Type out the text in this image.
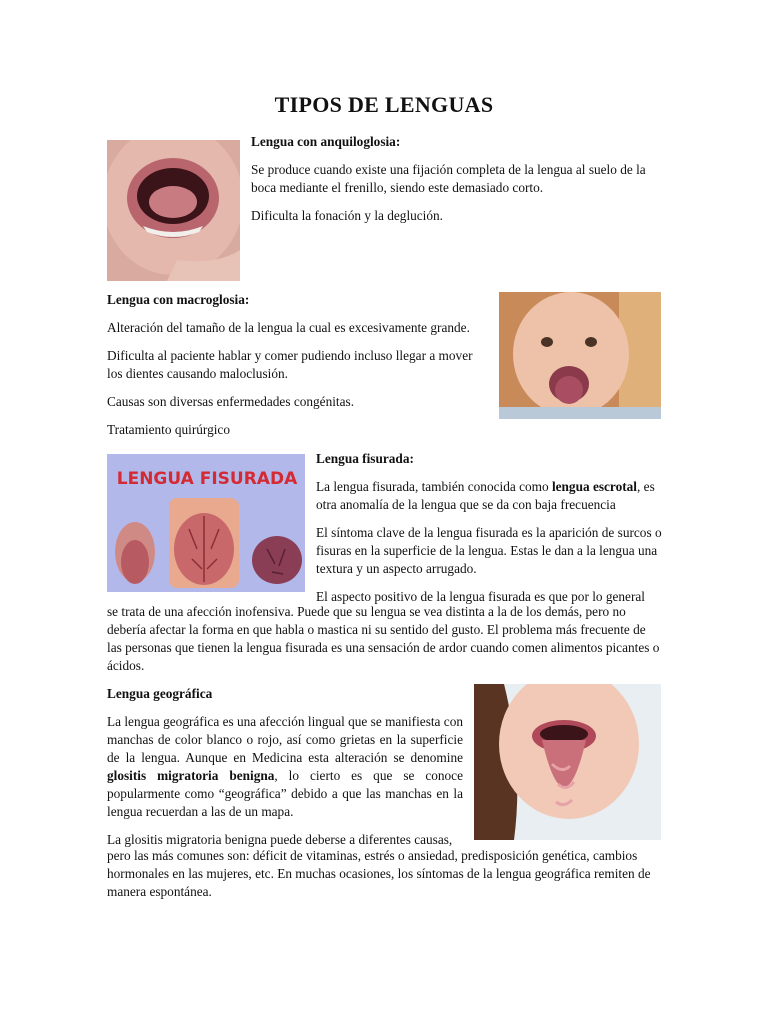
TIPOS DE LENGUAS

Lengua con anquiloglosia:

Se produce cuando existe una fijación completa de la lengua al suelo de la boca mediante el frenillo, siendo este demasiado corto.

Dificulta la fonación y la deglución.

Lengua con macroglosia:

Alteración del tamaño de la lengua la cual es excesivamente grande.

Dificulta al paciente hablar y comer pudiendo incluso llegar a mover los dientes causando maloclusión.

Causas son diversas enfermedades congénitas.

Tratamiento quirúrgico

LENGUA FISURADA

Lengua fisurada:

La lengua fisurada, también conocida como lengua escrotal, es otra anomalía de la lengua que se da con baja frecuencia

El síntoma clave de la lengua fisurada es la aparición de surcos o fisuras en la superficie de la lengua. Estas le dan a la lengua una textura y un aspecto arrugado.

El aspecto positivo de la lengua fisurada es que por lo general

se trata de una afección inofensiva. Puede que su lengua se vea distinta a la de los demás, pero no debería afectar la forma en que habla o mastica ni su sentido del gusto. El problema más frecuente de las personas que tienen la lengua fisurada es una sensación de ardor cuando comen alimentos picantes o ácidos.

Lengua geográfica

La lengua geográfica es una afección lingual que se manifiesta con manchas de color blanco o rojo, así como grietas en la superficie de la lengua. Aunque en Medicina esta alteración se denomine glositis migratoria benigna, lo cierto es que se conoce popularmente como “geográfica” debido a que las manchas en la lengua recuerdan a las de un mapa.

La glositis migratoria benigna puede deberse a diferentes causas,

pero las más comunes son: déficit de vitaminas, estrés o ansiedad, predisposición genética, cambios hormonales en las mujeres, etc. En muchas ocasiones, los síntomas de la lengua geográfica remiten de manera espontánea.
